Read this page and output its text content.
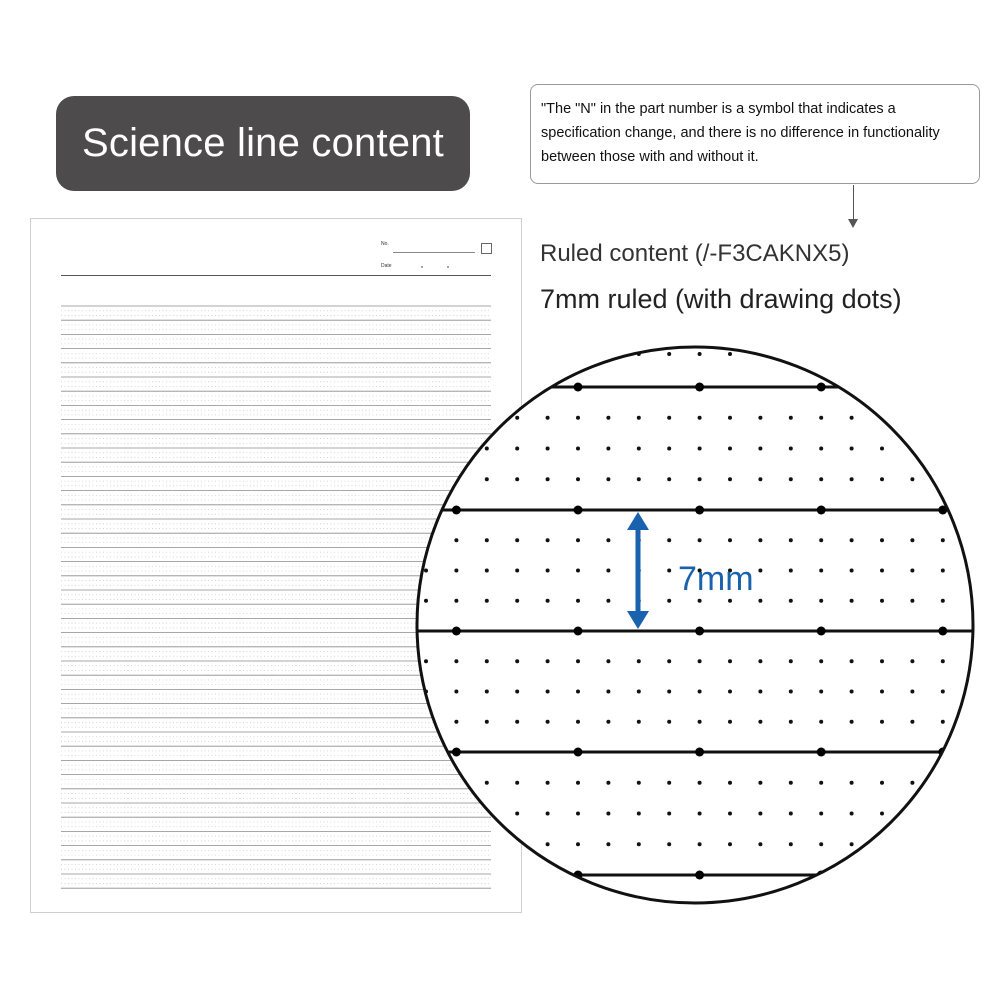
Science line content
"The "N" in the part number is a symbol that indicates a
specification change, and there is no difference in functionality
between those with and without it.
Ruled content (/-F3CAKNX5)
7mm ruled (with drawing dots)
No.
Date
7mm
